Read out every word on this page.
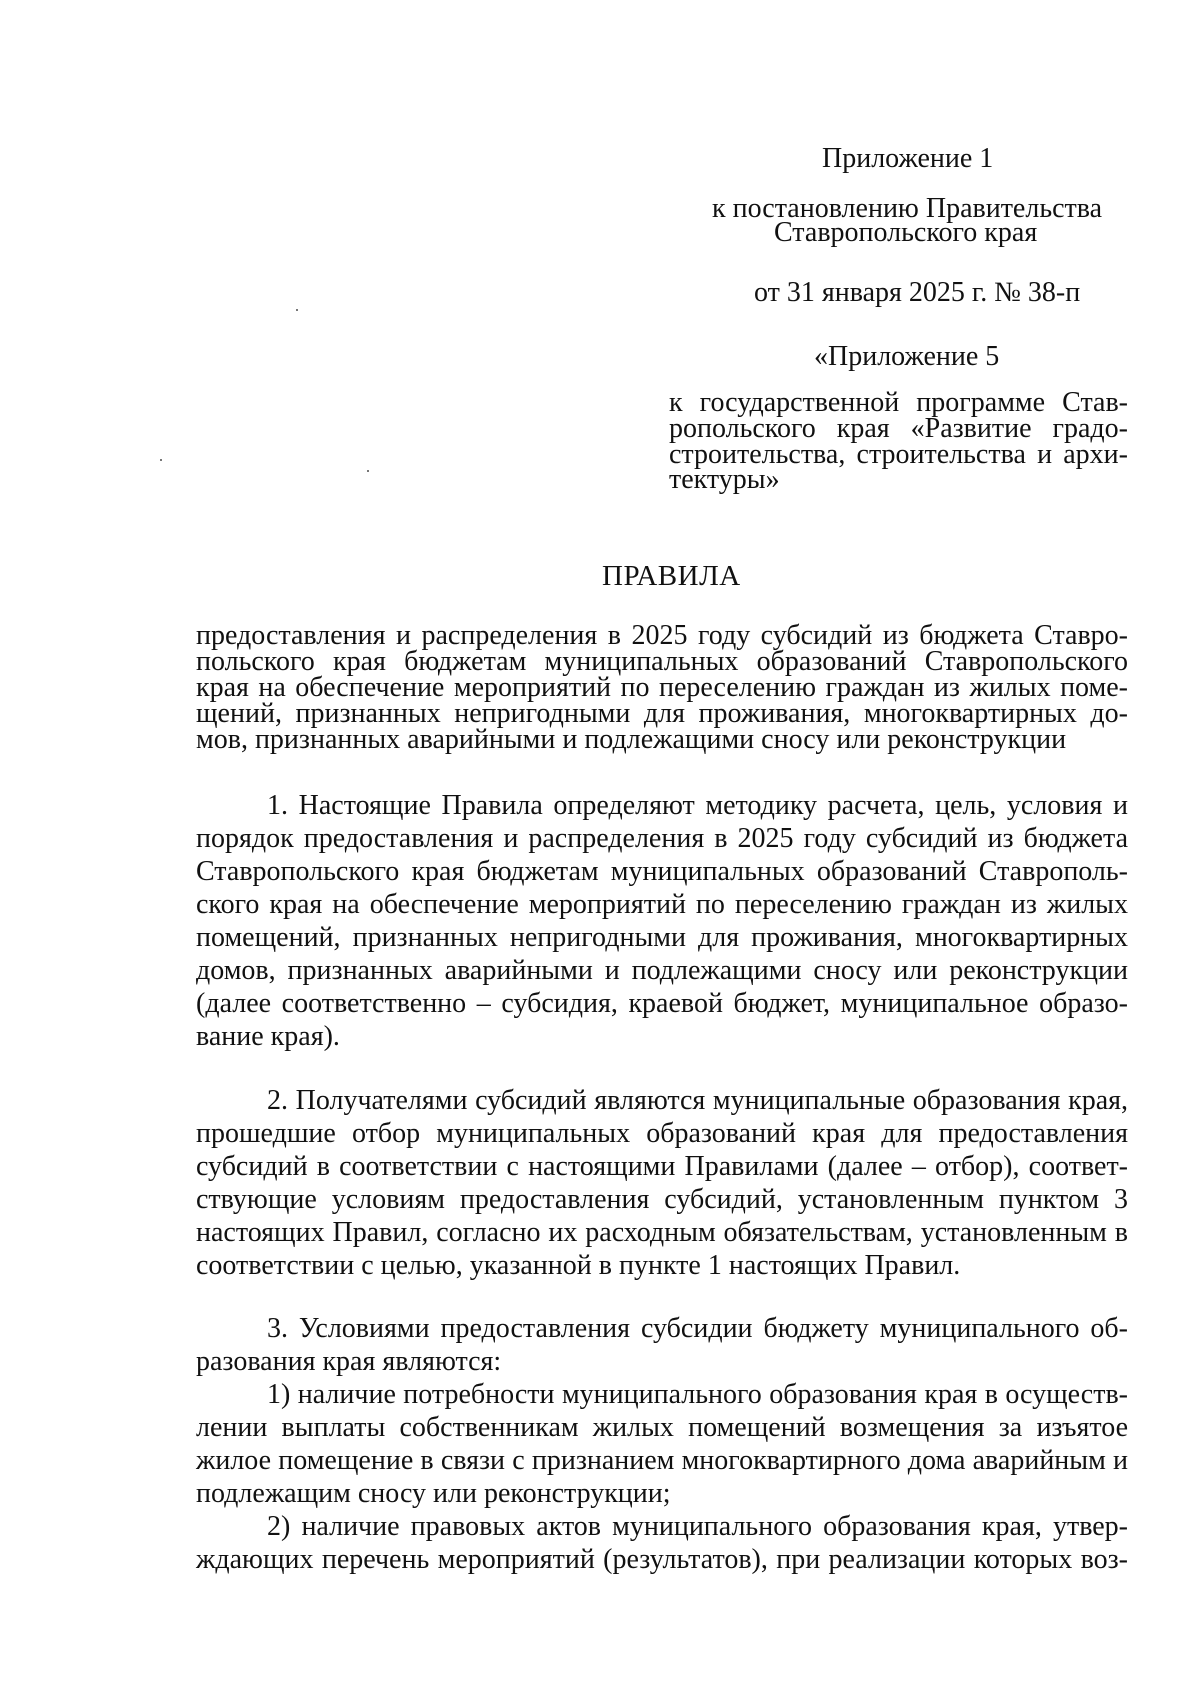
Приложение 1

к постановлению Правительства

Ставропольского края

от 31 января 2025 г. № 38-п

«Приложение 5

к государственной программе Став-

ропольского края «Развитие градо-

строительства, строительства и архи-

тектуры»

ПРАВИЛА

предоставления и распределения в 2025 году субсидий из бюджета Ставро-

польского края бюджетам муниципальных образований Ставропольского

края на обеспечение мероприятий по переселению граждан из жилых поме-

щений, признанных непригодными для проживания, многоквартирных до-

мов, признанных аварийными и подлежащими сносу или реконструкции

1. Настоящие Правила определяют методику расчета, цель, условия и

порядок предоставления и распределения в 2025 году субсидий из бюджета

Ставропольского края бюджетам муниципальных образований Ставрополь-

ского края на обеспечение мероприятий по переселению граждан из жилых

помещений, признанных непригодными для проживания, многоквартирных

домов, признанных аварийными и подлежащими сносу или реконструкции

(далее соответственно – субсидия, краевой бюджет, муниципальное образо-

вание края).

2. Получателями субсидий являются муниципальные образования края,

прошедшие отбор муниципальных образований края для предоставления

субсидий в соответствии с настоящими Правилами (далее – отбор), соответ-

ствующие условиям предоставления субсидий, установленным пунктом 3

настоящих Правил, согласно их расходным обязательствам, установленным в

соответствии с целью, указанной в пункте 1 настоящих Правил.

3. Условиями предоставления субсидии бюджету муниципального об-

разования края являются:

1) наличие потребности муниципального образования края в осуществ-

лении выплаты собственникам жилых помещений возмещения за изъятое

жилое помещение в связи с признанием многоквартирного дома аварийным и

подлежащим сносу или реконструкции;

2) наличие правовых актов муниципального образования края, утвер-

ждающих перечень мероприятий (результатов), при реализации которых воз-
